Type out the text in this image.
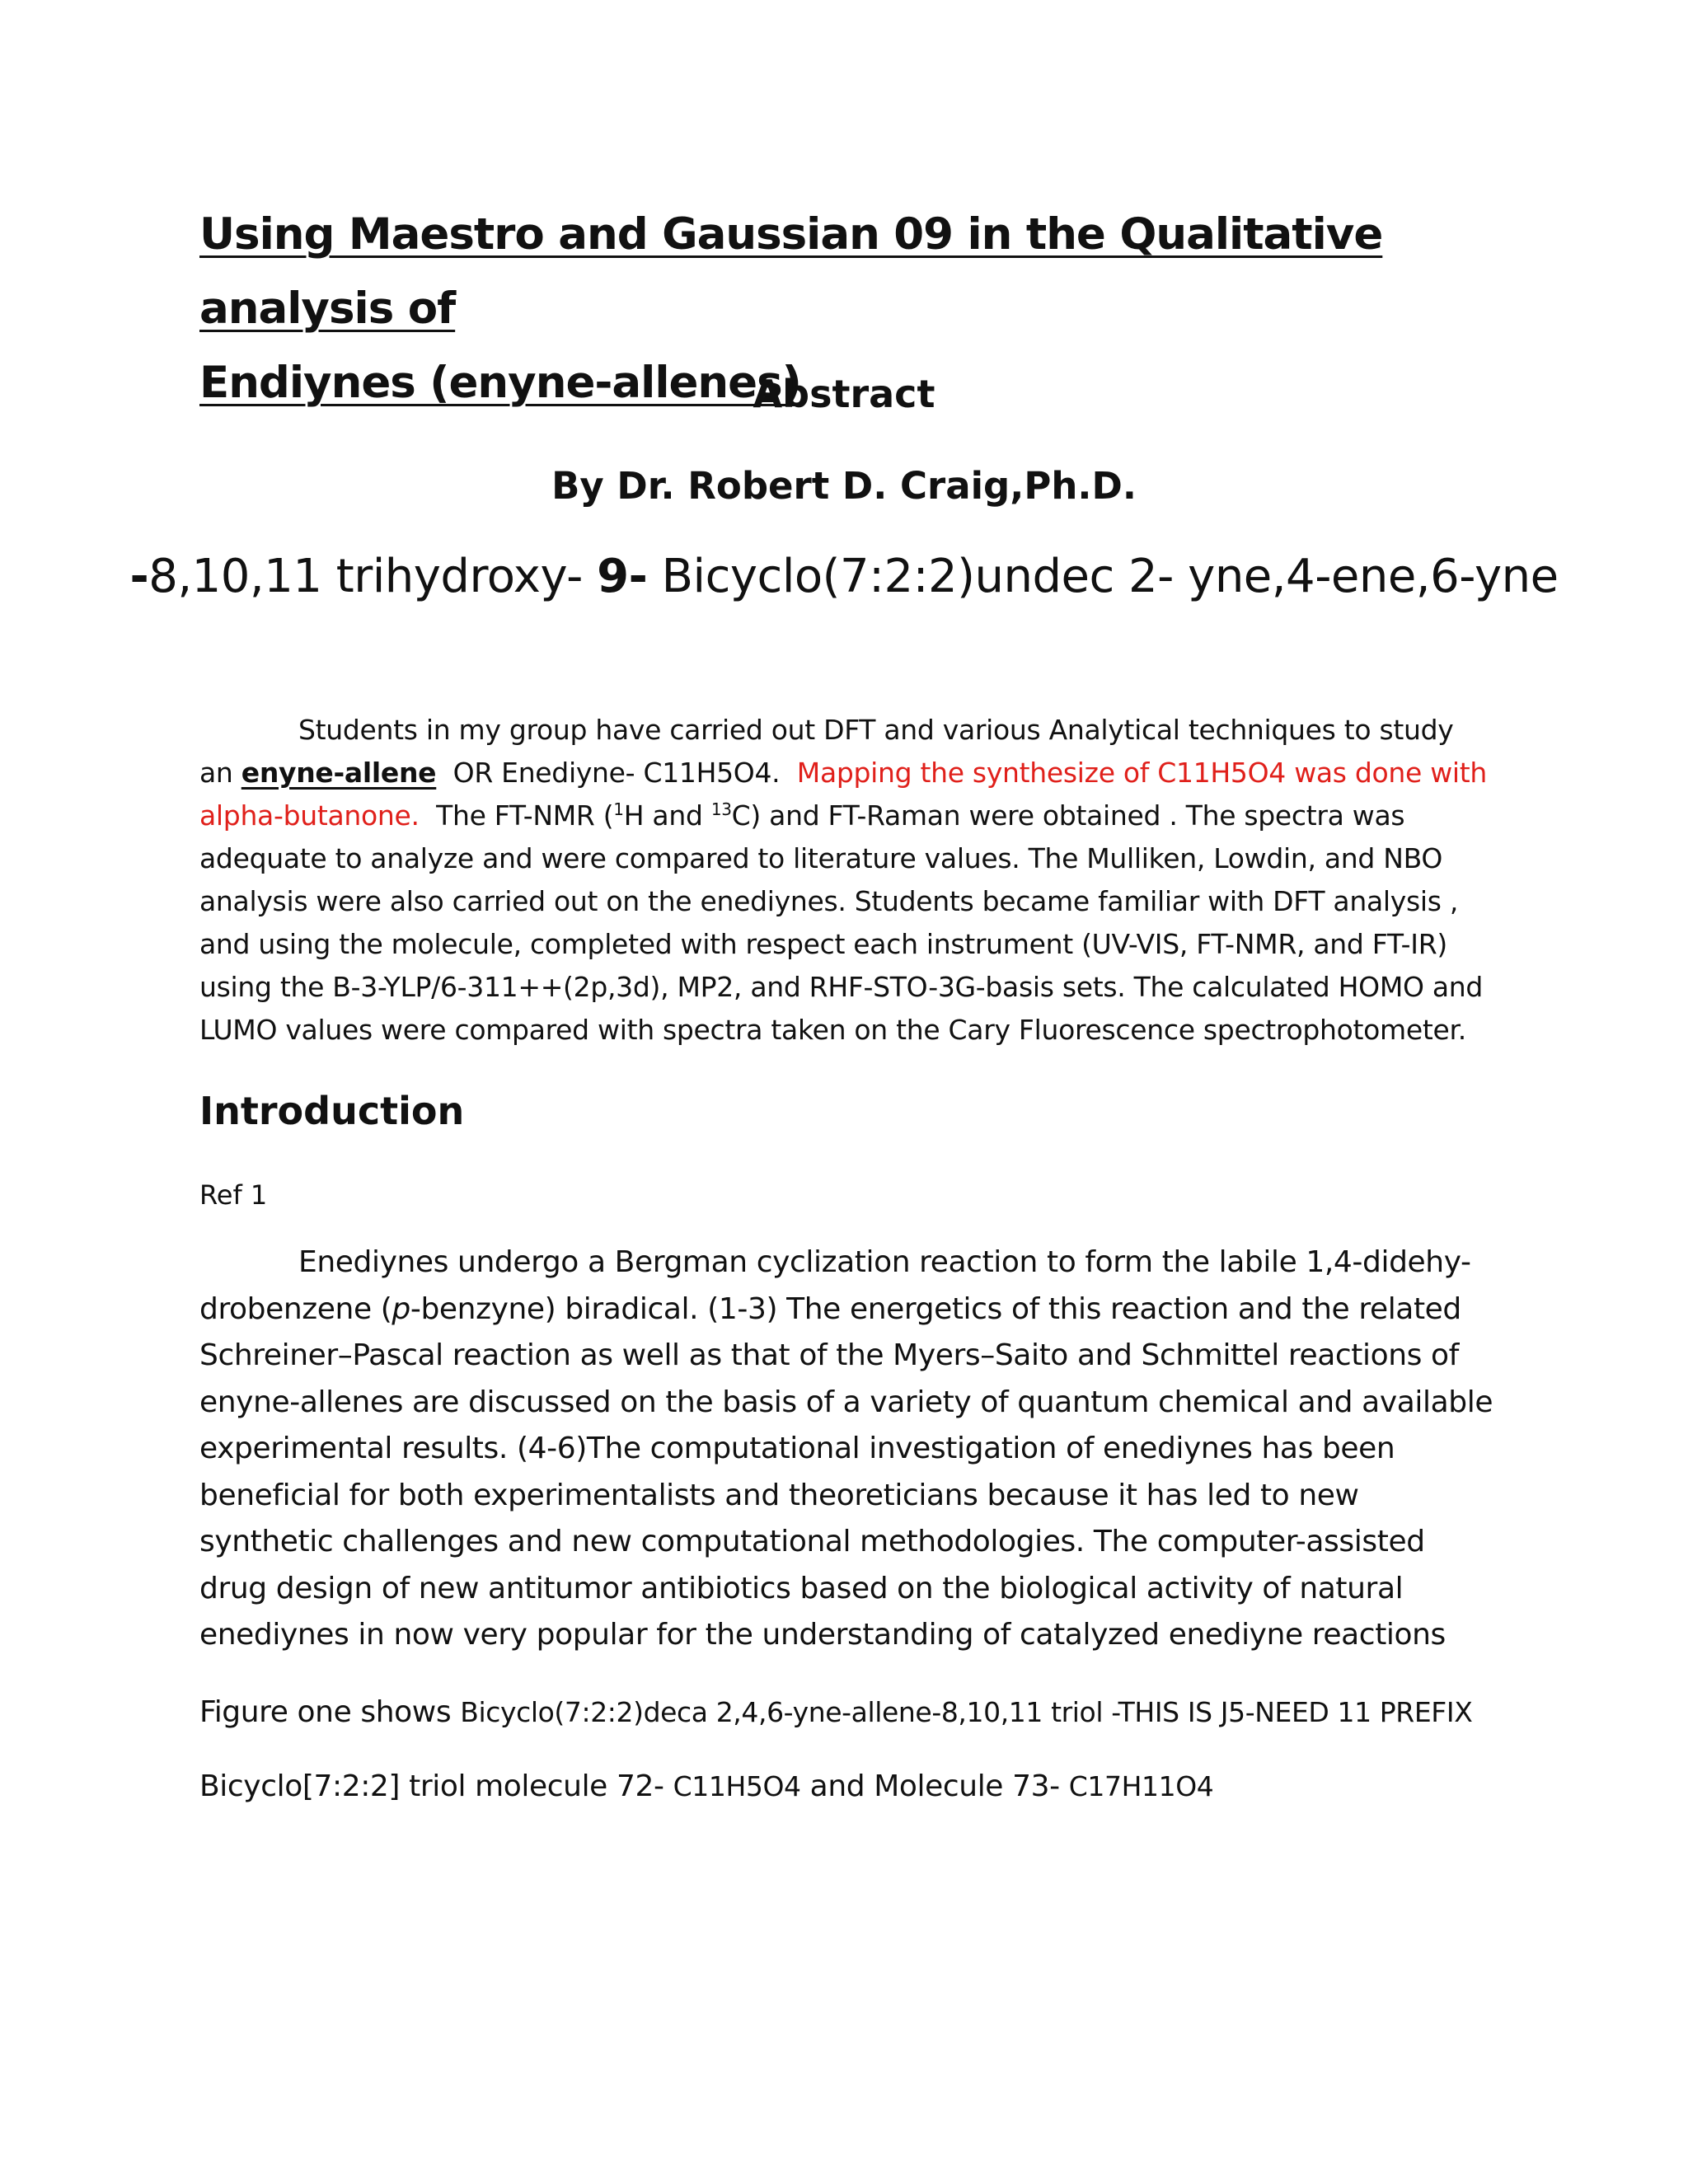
Using Maestro and Gaussian 09 in the Qualitative analysis of
Endiynes (enyne-allenes)
Abstract
By Dr. Robert D. Craig,Ph.D.
-8,10,11 trihydroxy- 9- Bicyclo(7:2:2)undec 2- yne,4-ene,6-yne
Students in my group have carried out DFT and various Analytical techniques to study an enyne-allene  OR Enediyne- C11H5O4.  Mapping the synthesize of C11H5O4 was done with alpha-butanone.  The FT-NMR ($^1$H and $^{13}$C) and FT-Raman were obtained . The spectra was adequate to analyze and were compared to literature values. The Mulliken, Lowdin, and NBO analysis were also carried out on the enediynes. Students became familiar with DFT analysis , and using the molecule, completed with respect each instrument (UV-VIS, FT-NMR, and FT-IR) using the B-3-YLP/6-311++(2p,3d), MP2, and RHF-STO-3G-basis sets. The calculated HOMO and LUMO values were compared with spectra taken on the Cary Fluorescence spectrophotometer.
Introduction
Ref 1
Enediynes undergo a Bergman cyclization reaction to form the labile 1,4-didehy-drobenzene (p-benzyne) biradical. (1-3) The energetics of this reaction and the related Schreiner–Pascal reaction as well as that of the Myers–Saito and Schmittel reactions of enyne-allenes are discussed on the basis of a variety of quantum chemical and available experimental results. (4-6)The computational investigation of enediynes has been beneficial for both experimentalists and theoreticians because it has led to new synthetic challenges and new computational methodologies. The computer-assisted drug design of new antitumor antibiotics based on the biological activity of natural enediynes in now very popular for the understanding of catalyzed enediyne reactions
Figure one shows Bicyclo(7:2:2)deca 2,4,6-yne-allene-8,10,11 triol -THIS IS J5-NEED 11 PREFIX
Bicyclo[7:2:2] triol molecule 72- C11H5O4 and Molecule 73- C17H11O4
